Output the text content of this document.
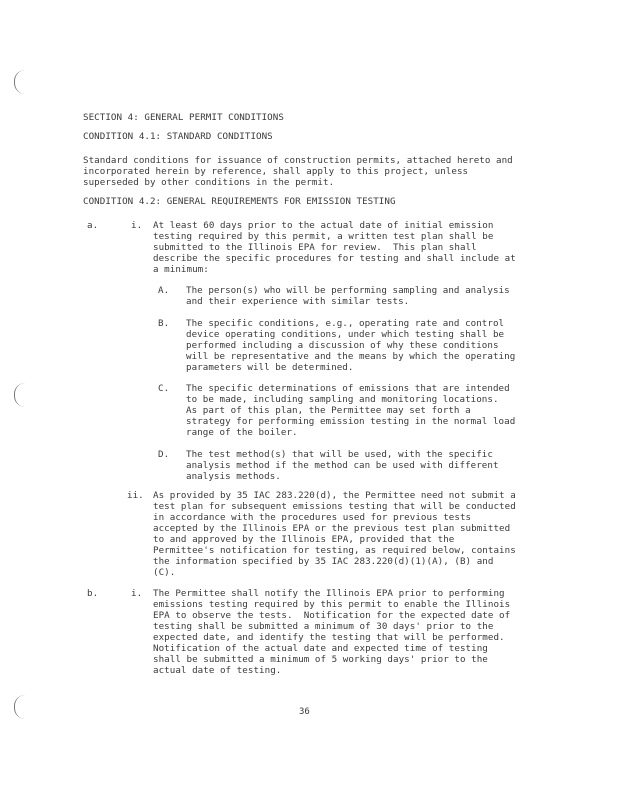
SECTION 4: GENERAL PERMIT CONDITIONS
CONDITION 4.1: STANDARD CONDITIONS
Standard conditions for issuance of construction permits, attached hereto and
incorporated herein by reference, shall apply to this project, unless
superseded by other conditions in the permit.
CONDITION 4.2: GENERAL REQUIREMENTS FOR EMISSION TESTING
a.	i. At least 60 days prior to the actual date of initial emission
testing required by this permit, a written test plan shall be
submitted to the Illinois EPA for review.  This plan shall
describe the specific procedures for testing and shall include at
a minimum:
A. The person(s) who will be performing sampling and analysis
and their experience with similar tests.
B. The specific conditions, e.g., operating rate and control
device operating conditions, under which testing shall be
performed including a discussion of why these conditions
will be representative and the means by which the operating
parameters will be determined.
C. The specific determinations of emissions that are intended
to be made, including sampling and monitoring locations.
As part of this plan, the Permittee may set forth a
strategy for performing emission testing in the normal load
range of the boiler.
D. The test method(s) that will be used, with the specific
analysis method if the method can be used with different
analysis methods.
ii. As provided by 35 IAC 283.220(d), the Permittee need not submit a
test plan for subsequent emissions testing that will be conducted
in accordance with the procedures used for previous tests
accepted by the Illinois EPA or the previous test plan submitted
to and approved by the Illinois EPA, provided that the
Permittee's notification for testing, as required below, contains
the information specified by 35 IAC 283.220(d)(1)(A), (B) and
(C).
b.	i. The Permittee shall notify the Illinois EPA prior to performing
emissions testing required by this permit to enable the Illinois
EPA to observe the tests.  Notification for the expected date of
testing shall be submitted a minimum of 30 days' prior to the
expected date, and identify the testing that will be performed.
Notification of the actual date and expected time of testing
shall be submitted a minimum of 5 working days' prior to the
actual date of testing.
36
